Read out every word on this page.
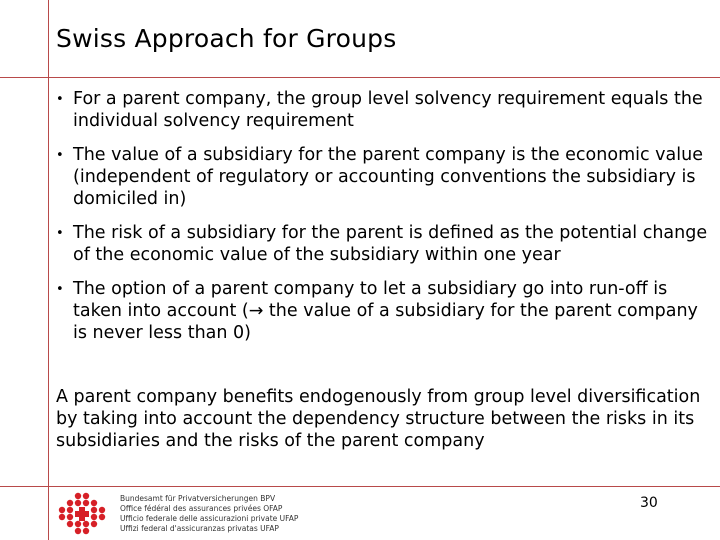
Swiss Approach for Groups
• For a parent company, the group level solvency requirement equals the individual solvency requirement
• The value of a subsidiary for the parent company is the economic value (independent of regulatory or accounting conventions the subsidiary is domiciled in)
• The risk of a subsidiary for the parent is defined as the potential change of the economic value of the subsidiary within one year
• The option of a parent company to let a subsidiary go into run-off is taken into account (→ the value of a subsidiary for the parent company is never less than 0)

A parent company benefits endogenously from group level diversification by taking into account the dependency structure between the risks in its subsidiaries and the risks of the parent company

Bundesamt für Privatversicherungen BPV
Office fédéral des assurances privées OFAP
Ufficio federale delle assicurazioni private UFAP
Uffizi federal d'assicuranzas privatas UFAP
30
